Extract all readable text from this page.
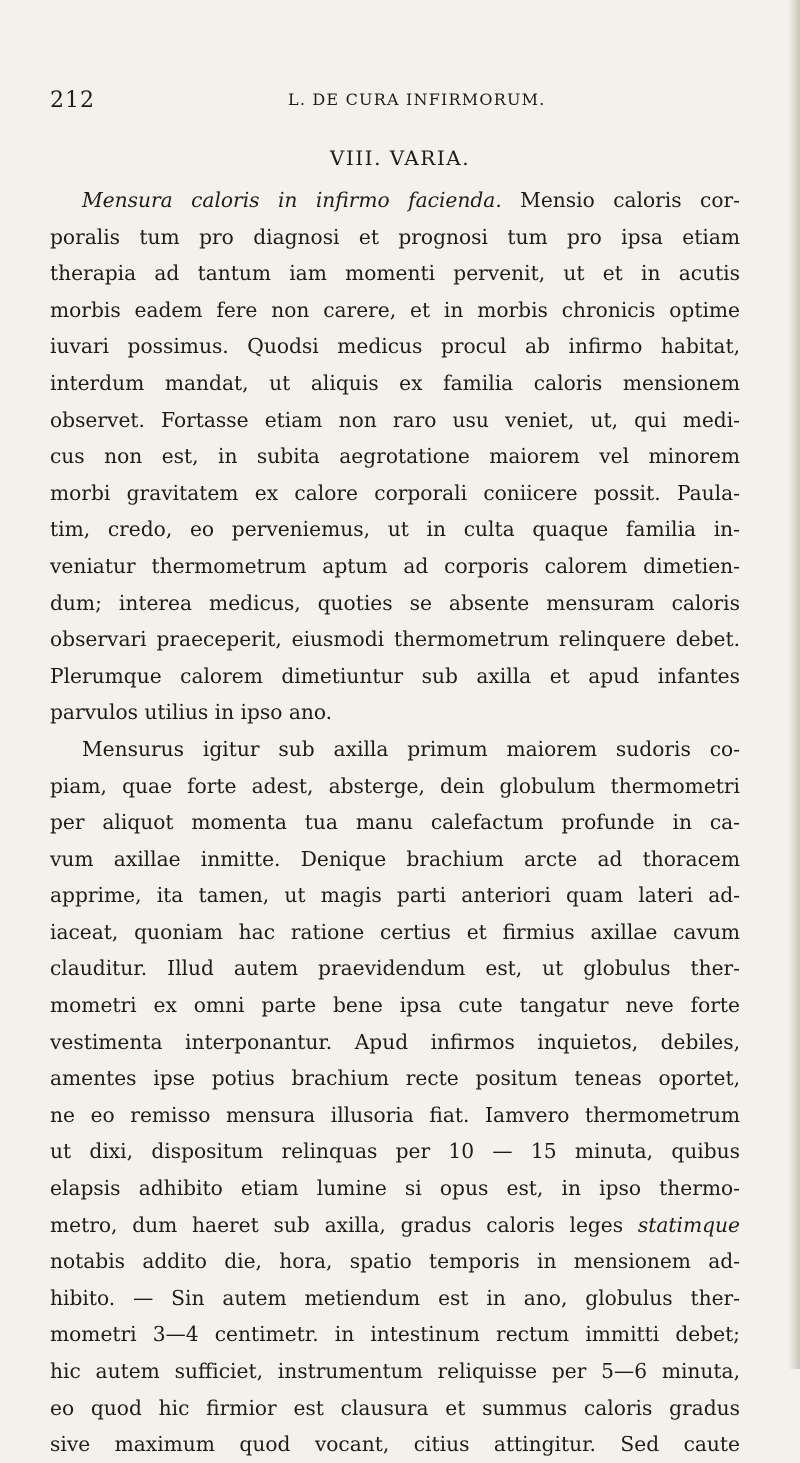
212	L. DE CURA INFIRMORUM.
VIII. VARIA.
Mensura caloris in infirmo facienda. Mensio caloris cor-
poralis tum pro diagnosi et prognosi tum pro ipsa etiam
therapia ad tantum iam momenti pervenit, ut et in acutis
morbis eadem fere non carere, et in morbis chronicis optime
iuvari possimus. Quodsi medicus procul ab infirmo habitat,
interdum mandat, ut aliquis ex familia caloris mensionem
observet. Fortasse etiam non raro usu veniet, ut, qui medi-
cus non est, in subita aegrotatione maiorem vel minorem
morbi gravitatem ex calore corporali coniicere possit. Paula-
tim, credo, eo perveniemus, ut in culta quaque familia in-
veniatur thermometrum aptum ad corporis calorem dimetien-
dum; interea medicus, quoties se absente mensuram caloris
observari praeceperit, eiusmodi thermometrum relinquere debet.
Plerumque calorem dimetiuntur sub axilla et apud infantes
parvulos utilius in ipso ano.
Mensurus igitur sub axilla primum maiorem sudoris co-
piam, quae forte adest, absterge, dein globulum thermometri
per aliquot momenta tua manu calefactum profunde in ca-
vum axillae inmitte. Denique brachium arcte ad thoracem
apprime, ita tamen, ut magis parti anteriori quam lateri ad-
iaceat, quoniam hac ratione certius et firmius axillae cavum
clauditur. Illud autem praevidendum est, ut globulus ther-
mometri ex omni parte bene ipsa cute tangatur neve forte
vestimenta interponantur. Apud infirmos inquietos, debiles,
amentes ipse potius brachium recte positum teneas oportet,
ne eo remisso mensura illusoria fiat. Iamvero thermometrum
ut dixi, dispositum relinquas per 10 — 15 minuta, quibus
elapsis adhibito etiam lumine si opus est, in ipso thermo-
metro, dum haeret sub axilla, gradus caloris leges statimque
notabis addito die, hora, spatio temporis in mensionem ad-
hibito. — Sin autem metiendum est in ano, globulus ther-
mometri 3—4 centimetr. in intestinum rectum immitti debet;
hic autem sufficiet, instrumentum reliquisse per 5—6 minuta,
eo quod hic firmior est clausura et summus caloris gradus
sive maximum quod vocant, citius attingitur. Sed caute
